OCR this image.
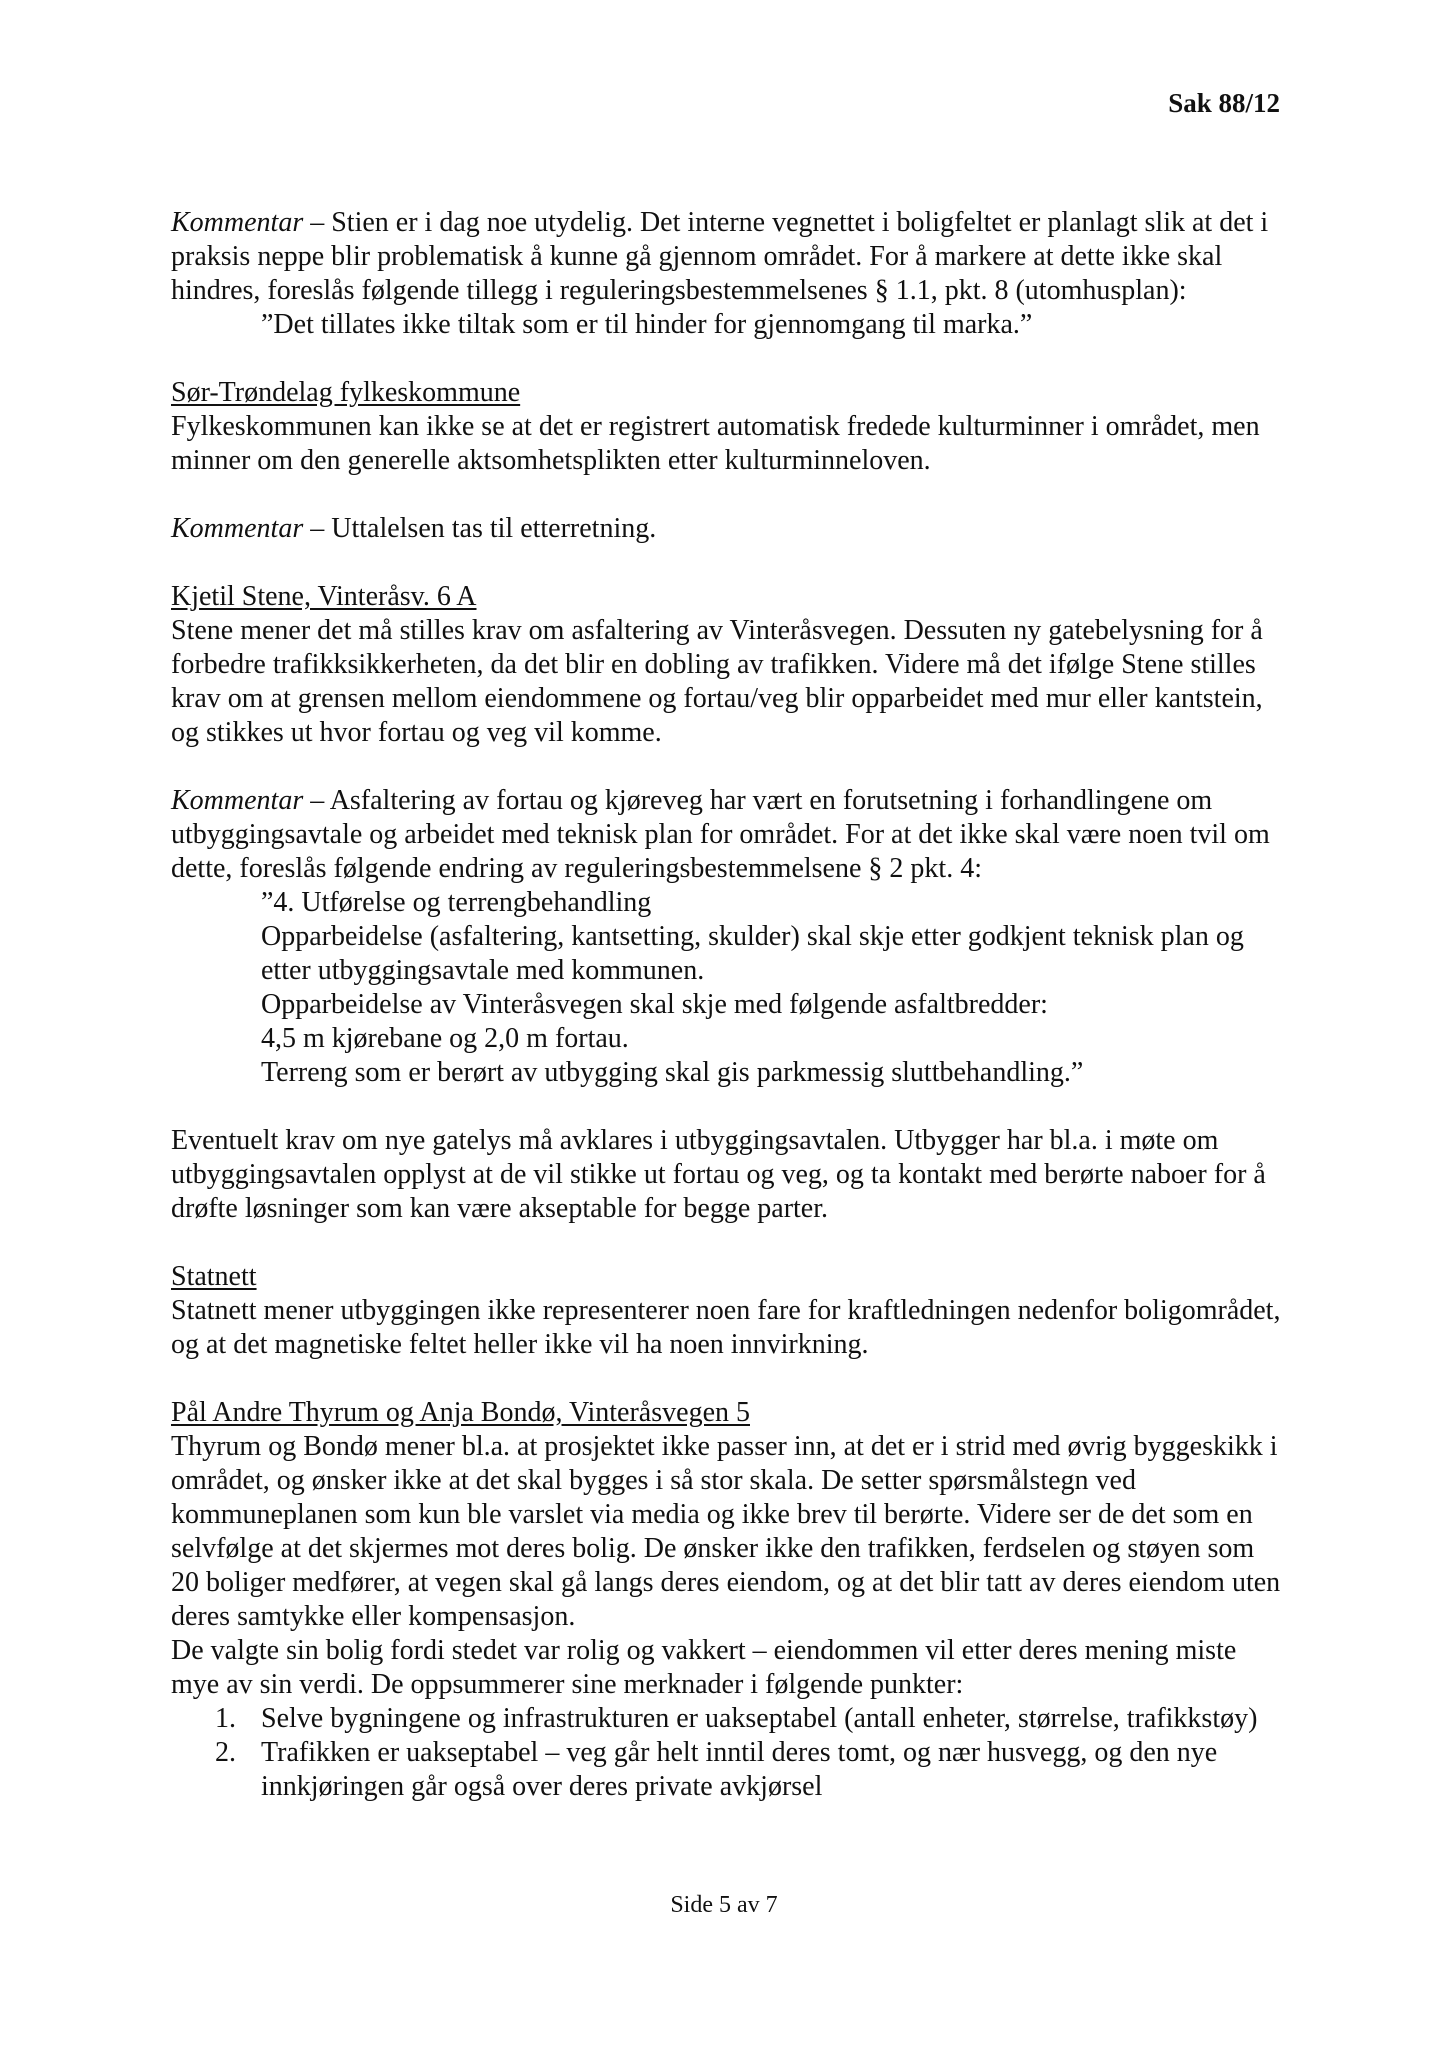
Sak 88/12

Kommentar – Stien er i dag noe utydelig. Det interne vegnettet i boligfeltet er planlagt slik at det i praksis neppe blir problematisk å kunne gå gjennom området. For å markere at dette ikke skal hindres, foreslås følgende tillegg i reguleringsbestemmelsenes § 1.1, pkt. 8 (utomhusplan):

”Det tillates ikke tiltak som er til hinder for gjennomgang til marka.”

Sør-Trøndelag fylkeskommune

Fylkeskommunen kan ikke se at det er registrert automatisk fredede kulturminner i området, men minner om den generelle aktsomhetsplikten etter kulturminneloven.

Kommentar – Uttalelsen tas til etterretning.

Kjetil Stene, Vinteråsv. 6 A

Stene mener det må stilles krav om asfaltering av Vinteråsvegen. Dessuten ny gatebelysning for å forbedre trafikksikkerheten, da det blir en dobling av trafikken. Videre må det ifølge Stene stilles krav om at grensen mellom eiendommene og fortau/veg blir opparbeidet med mur eller kantstein, og stikkes ut hvor fortau og veg vil komme.

Kommentar – Asfaltering av fortau og kjøreveg har vært en forutsetning i forhandlingene om utbyggingsavtale og arbeidet med teknisk plan for området. For at det ikke skal være noen tvil om dette, foreslås følgende endring av reguleringsbestemmelsene § 2 pkt. 4:

”4. Utførelse og terrengbehandling

Opparbeidelse (asfaltering, kantsetting, skulder) skal skje etter godkjent teknisk plan og etter utbyggingsavtale med kommunen.

Opparbeidelse av Vinteråsvegen skal skje med følgende asfaltbredder:

4,5 m kjørebane og 2,0 m fortau.

Terreng som er berørt av utbygging skal gis parkmessig sluttbehandling.”

Eventuelt krav om nye gatelys må avklares i utbyggingsavtalen. Utbygger har bl.a. i møte om utbyggingsavtalen opplyst at de vil stikke ut fortau og veg, og ta kontakt med berørte naboer for å drøfte løsninger som kan være akseptable for begge parter.

Statnett

Statnett mener utbyggingen ikke representerer noen fare for kraftledningen nedenfor boligområdet, og at det magnetiske feltet heller ikke vil ha noen innvirkning.

Pål Andre Thyrum og Anja Bondø, Vinteråsvegen 5

Thyrum og Bondø mener bl.a. at prosjektet ikke passer inn, at det er i strid med øvrig byggeskikk i området, og ønsker ikke at det skal bygges i så stor skala. De setter spørsmålstegn ved kommuneplanen som kun ble varslet via media og ikke brev til berørte. Videre ser de det som en selvfølge at det skjermes mot deres bolig. De ønsker ikke den trafikken, ferdselen og støyen som 20 boliger medfører, at vegen skal gå langs deres eiendom, og at det blir tatt av deres eiendom uten deres samtykke eller kompensasjon.

De valgte sin bolig fordi stedet var rolig og vakkert – eiendommen vil etter deres mening miste mye av sin verdi. De oppsummerer sine merknader i følgende punkter:

1. Selve bygningene og infrastrukturen er uakseptabel (antall enheter, størrelse, trafikkstøy)
2. Trafikken er uakseptabel – veg går helt inntil deres tomt, og nær husvegg, og den nye innkjøringen går også over deres private avkjørsel
Side 5 av 7
